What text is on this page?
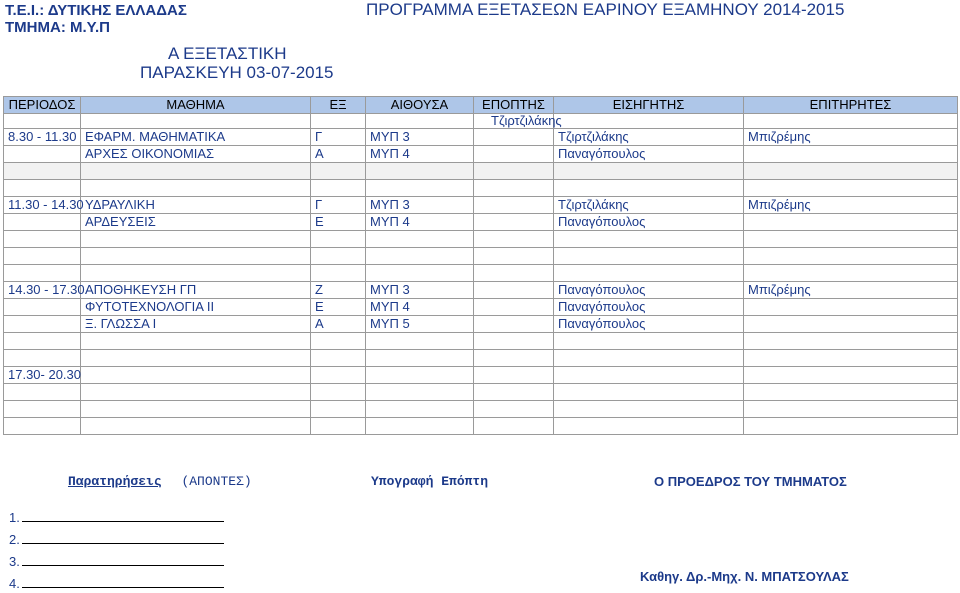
Τ.Ε.Ι.: ΔΥΤΙΚΗΣ ΕΛΛΑΔΑΣ
ΤΜΗΜΑ: Μ.Υ.Π
ΠΡΟΓΡΑΜΜΑ ΕΞΕΤΑΣΕΩΝ ΕΑΡΙΝΟΥ ΕΞΑΜΗΝΟΥ 2014-2015
Α ΕΞΕΤΑΣΤΙΚΗ
ΠΑΡΑΣΚΕΥΗ 03-07-2015
ΠΕΡΙΟΔΟΣ	ΜΑΘΗΜΑ	ΕΞ	ΑΙΘΟΥΣΑ	ΕΠΟΠΤΗΣ	ΕΙΣΗΓΗΤΗΣ	ΕΠΙΤΗΡΗΤΕΣ
					Τζιρτζιλάκης	
8.30 - 11.30	ΕΦΑΡΜ. ΜΑΘΗΜΑΤΙΚΑ	Γ	ΜΥΠ 3		Τζιρτζιλάκης	Μπιζρέμης
	ΑΡΧΕΣ ΟΙΚΟΝΟΜΙΑΣ	Α	ΜΥΠ 4		Παναγόπουλος	

11.30 - 14.30	ΥΔΡΑΥΛΙΚΗ	Γ	ΜΥΠ 3		Τζιρτζιλάκης	Μπιζρέμης
	ΑΡΔΕΥΣΕΙΣ	Ε	ΜΥΠ 4		Παναγόπουλος	

14.30 - 17.30	ΑΠΟΘΗΚΕΥΣΗ ΓΠ	Ζ	ΜΥΠ 3		Παναγόπουλος	Μπιζρέμης
	ΦΥΤΟΤΕΧΝΟΛΟΓΙΑ ΙΙ	Ε	ΜΥΠ 4		Παναγόπουλος	
	Ξ. ΓΛΩΣΣΑ Ι	Α	ΜΥΠ 5		Παναγόπουλος	

17.30- 20.30						

Παρατηρήσεις (ΑΠΟΝΤΕΣ)	Υπογραφή Επόπτη	Ο ΠΡΟΕΔΡΟΣ ΤΟΥ ΤΜΗΜΑΤΟΣ
1.
2.
3.
4.	Καθηγ. Δρ.-Μηχ. Ν. ΜΠΑΤΣΟΥΛΑΣ
